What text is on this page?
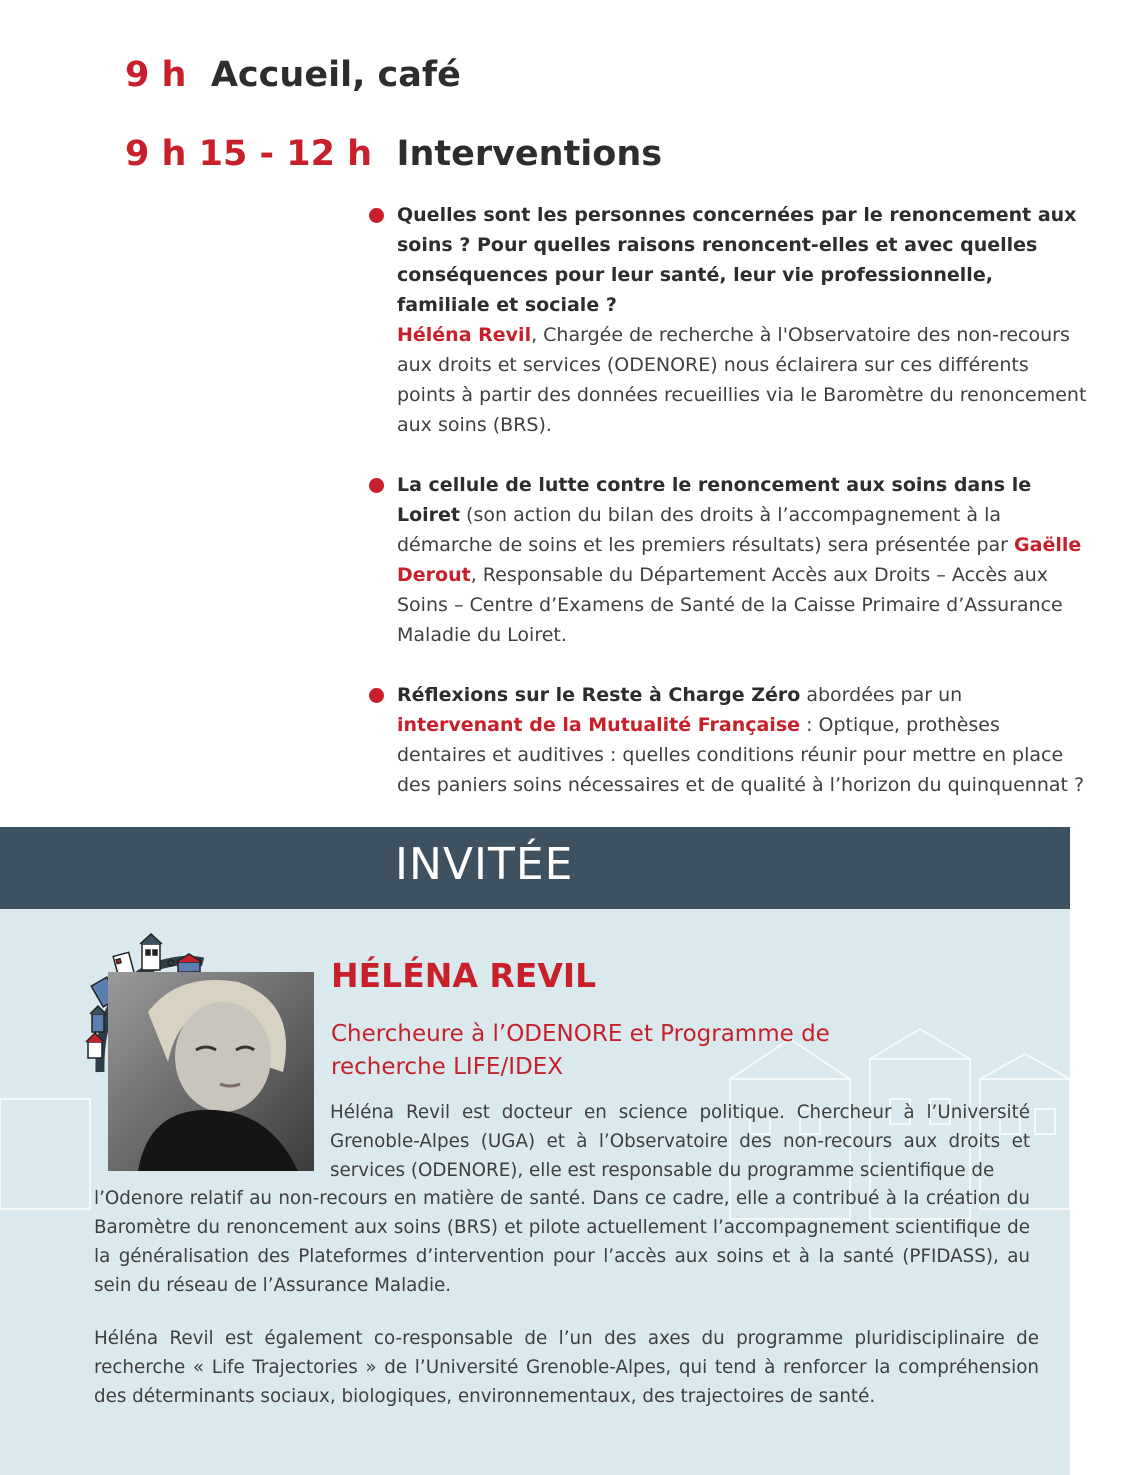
9 h Accueil, café
9 h 15 - 12 h Interventions
Quelles sont les personnes concernées par le renoncement aux soins ? Pour quelles raisons renoncent-elles et avec quelles conséquences pour leur santé, leur vie professionnelle, familiale et sociale ?
Héléna Revil, Chargée de recherche à l'Observatoire des non-recours aux droits et services (ODENORE) nous éclairera sur ces différents points à partir des données recueillies via le Baromètre du renoncement aux soins (BRS).
La cellule de lutte contre le renoncement aux soins dans le Loiret (son action du bilan des droits à l’accompagnement à la démarche de soins et les premiers résultats) sera présentée par Gaëlle Derout, Responsable du Département Accès aux Droits – Accès aux Soins – Centre d’Examens de Santé de la Caisse Primaire d’Assurance Maladie du Loiret.
Réflexions sur le Reste à Charge Zéro abordées par un intervenant de la Mutualité Française : Optique, prothèses dentaires et auditives : quelles conditions réunir pour mettre en place des paniers soins nécessaires et de qualité à l’horizon du quinquennat ?
INVITÉE
HÉLÉNA REVIL
Chercheure à l’ODENORE et Programme de recherche LIFE/IDEX
Héléna Revil est docteur en science politique. Chercheur à l’Université Grenoble-Alpes (UGA) et à l’Observatoire des non-recours aux droits et services (ODENORE), elle est responsable du programme scientifique de
l’Odenore relatif au non-recours en matière de santé. Dans ce cadre, elle a contribué à la création du Baromètre du renoncement aux soins (BRS) et pilote actuellement l’accompagnement scientifique de la généralisation des Plateformes d’intervention pour l’accès aux soins et à la santé (PFIDASS), au sein du réseau de l’Assurance Maladie.
Héléna Revil est également co-responsable de l’un des axes du programme pluridisciplinaire de recherche « Life Trajectories » de l’Université Grenoble-Alpes, qui tend à renforcer la compréhension des déterminants sociaux, biologiques, environnementaux, des trajectoires de santé.
